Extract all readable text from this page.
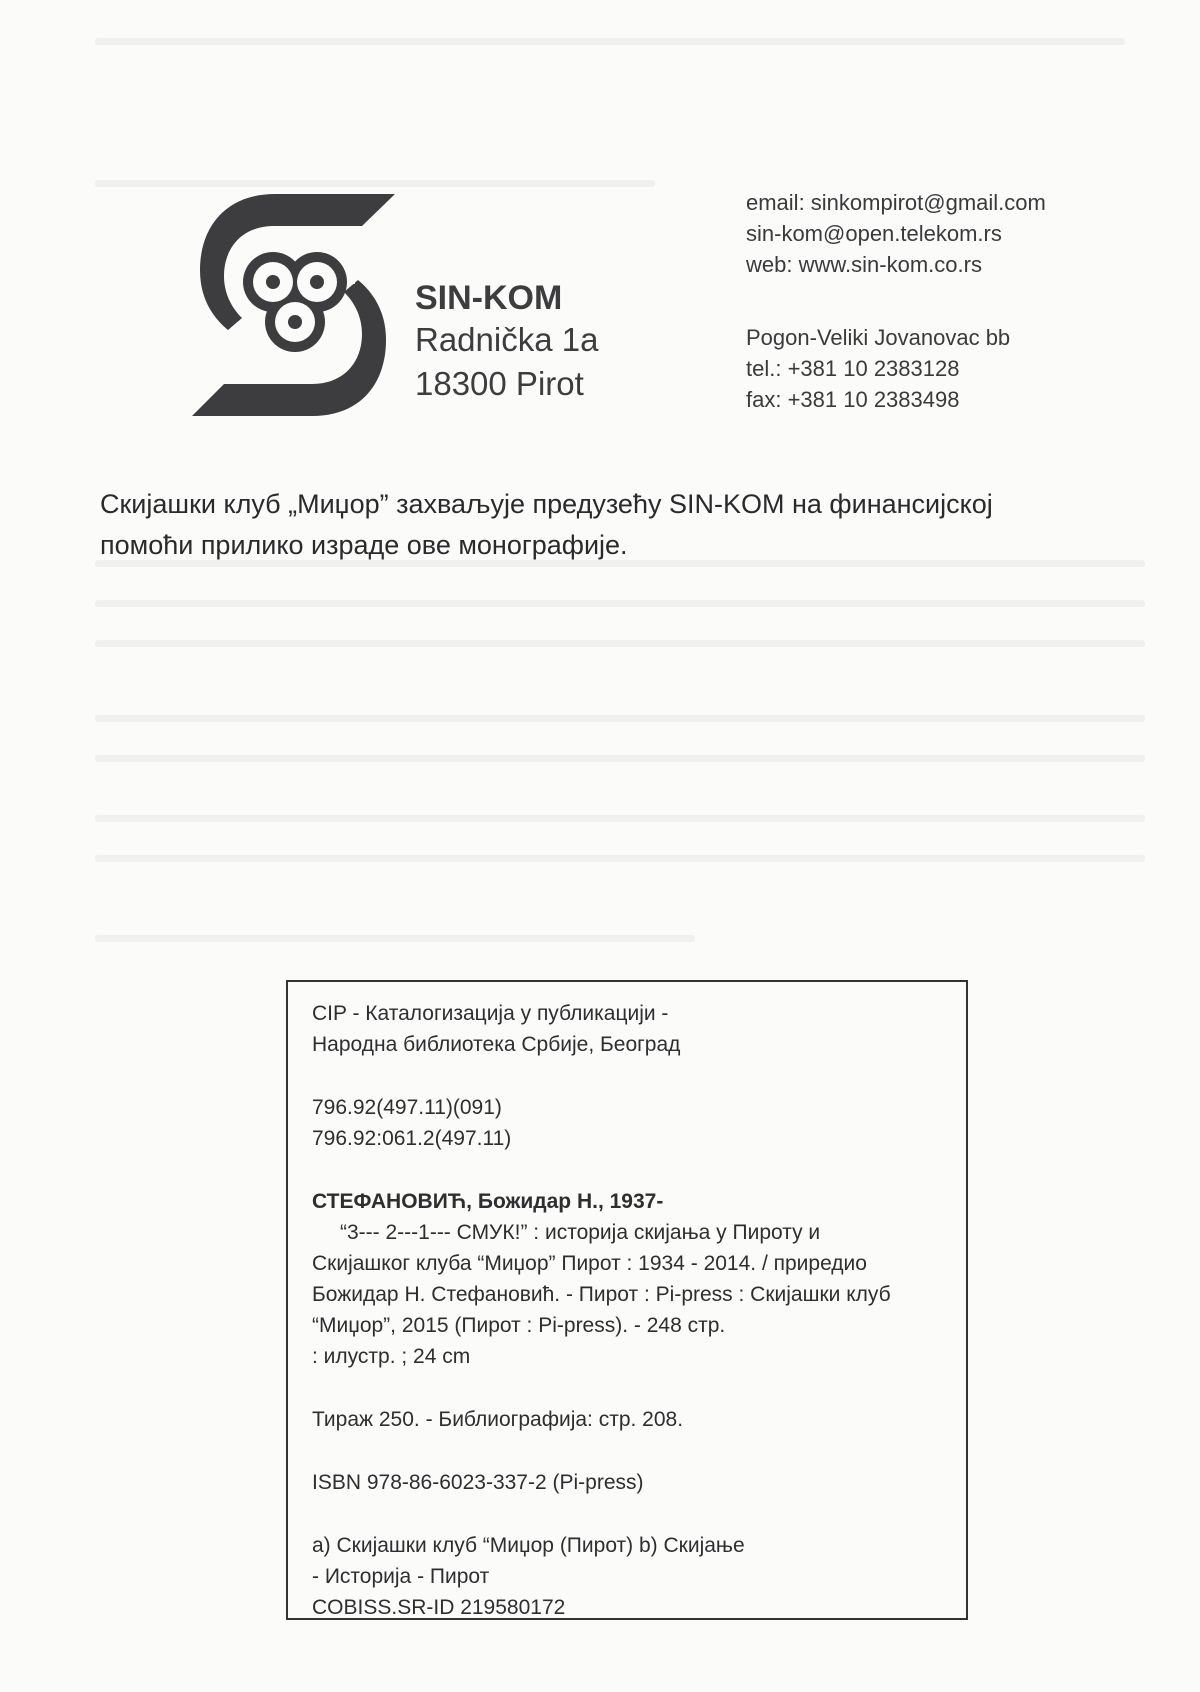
SIN-KOM
Radnička 1a
18300 Pirot
email: sinkompirot@gmail.com
sin-kom@open.telekom.rs
web: www.sin-kom.co.rs
Pogon-Veliki Jovanovac bb
tel.: +381 10 2383128
fax: +381 10 2383498
Скијашки клуб „Миџор” захваљује предузећу SIN-KOM на финансијској
помоћи прилико израде ове монографије.

CIP - Каталогизација у публикацији -

Народна библиотека Србије, Београд

796.92(497.11)(091)

796.92:061.2(497.11)

СТЕФАНОВИЋ, Божидар Н., 1937-

“3--- 2---1--- СМУК!” : историја скијања у Пироту и

Скијашког клуба “Миџор” Пирот : 1934 - 2014. / приредио

Божидар Н. Стефановић. - Пирот : Pi-press : Скијашки клуб

“Миџор”, 2015 (Пирот : Pi-press). - 248 стр.

: илустр. ; 24 cm

Тираж 250. - Библиографија: стр. 208.

ISBN 978-86-6023-337-2 (Pi-press)

а) Скијашки клуб “Миџор (Пирот) b) Скијање

- Историја - Пирот

COBISS.SR-ID 219580172
